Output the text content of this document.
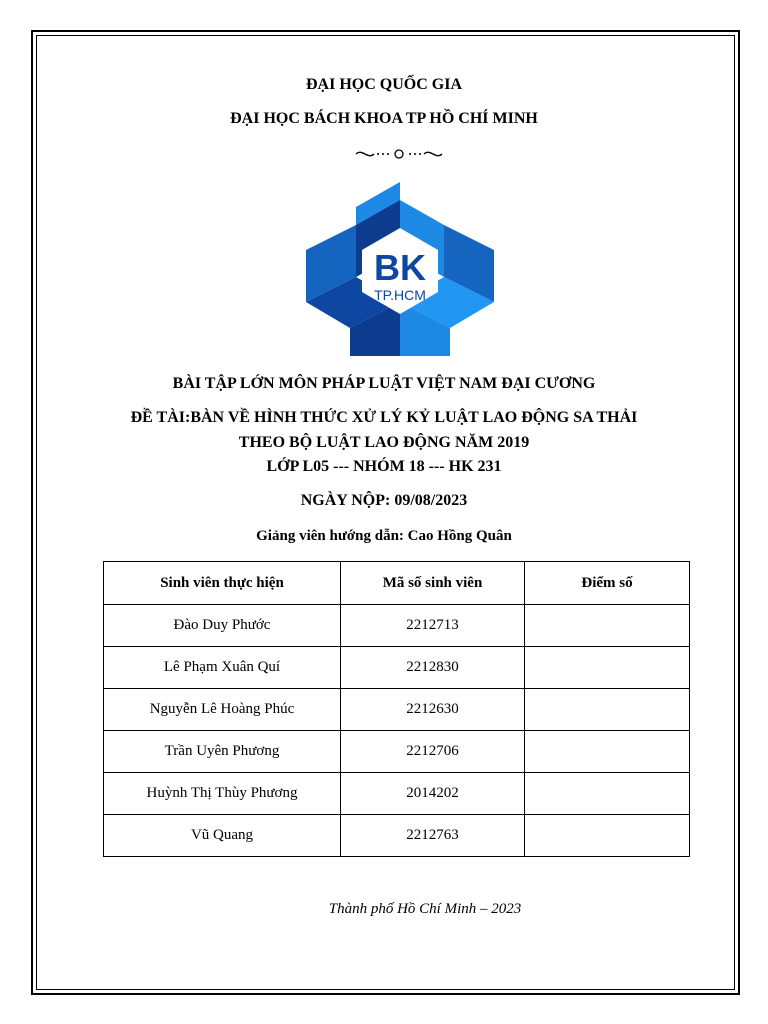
ĐẠI HỌC QUỐC GIA
ĐẠI HỌC BÁCH KHOA TP HỒ CHÍ MINH
BK
TP.HCM
BÀI TẬP LỚN MÔN PHÁP LUẬT VIỆT NAM ĐẠI CƯƠNG
ĐỀ TÀI:BÀN VỀ HÌNH THỨC XỬ LÝ KỶ LUẬT LAO ĐỘNG SA THẢI
THEO BỘ LUẬT LAO ĐỘNG NĂM 2019
LỚP L05 --- NHÓM 18 --- HK 231
NGÀY NỘP: 09/08/2023
Giảng viên hướng dẫn: Cao Hồng Quân
Sinh viên thực hiện	Mã số sinh viên	Điểm số
Đào Duy Phước	2212713	
Lê Phạm Xuân Quí	2212830	
Nguyễn Lê Hoàng Phúc	2212630	
Trần Uyên Phương	2212706	
Huỳnh Thị Thùy Phương	2014202	
Vũ Quang	2212763	
Thành phố Hồ Chí Minh – 2023
